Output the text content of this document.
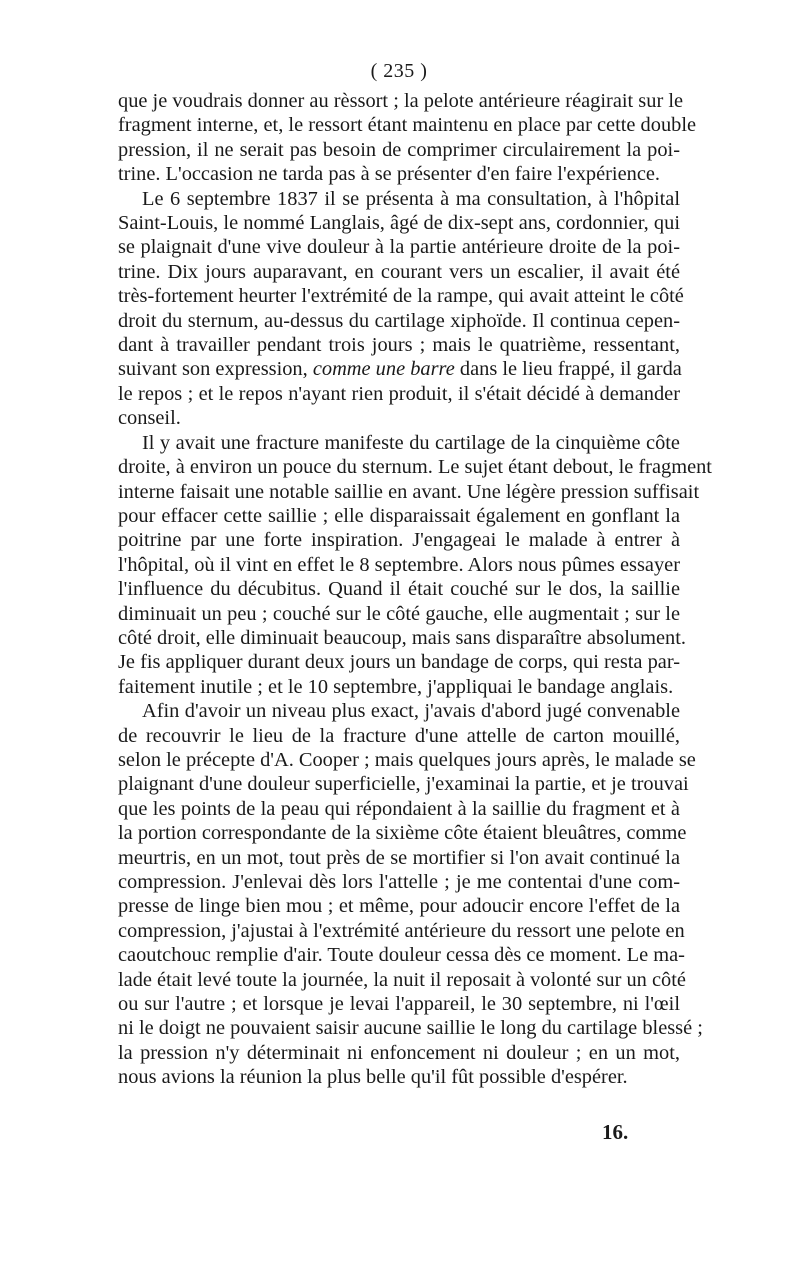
( 235 )

que je voudrais donner au rèssort ; la pelote antérieure réagirait sur le
fragment interne, et, le ressort étant maintenu en place par cette double
pression, il ne serait pas besoin de comprimer circulairement la poi-
trine. L'occasion ne tarda pas à se présenter d'en faire l'expérience.

Le 6 septembre 1837 il se présenta à ma consultation, à l'hôpital
Saint-Louis, le nommé Langlais, âgé de dix-sept ans, cordonnier, qui
se plaignait d'une vive douleur à la partie antérieure droite de la poi-
trine. Dix jours auparavant, en courant vers un escalier, il avait été
très-fortement heurter l'extrémité de la rampe, qui avait atteint le côté
droit du sternum, au-dessus du cartilage xiphoïde. Il continua cepen-
dant à travailler pendant trois jours ; mais le quatrième, ressentant,
suivant son expression, comme une barre dans le lieu frappé, il garda
le repos ; et le repos n'ayant rien produit, il s'était décidé à demander
conseil.

Il y avait une fracture manifeste du cartilage de la cinquième côte
droite, à environ un pouce du sternum. Le sujet étant debout, le fragment
interne faisait une notable saillie en avant. Une légère pression suffisait
pour effacer cette saillie ; elle disparaissait également en gonflant la
poitrine par une forte inspiration. J'engageai le malade à entrer à
l'hôpital, où il vint en effet le 8 septembre. Alors nous pûmes essayer
l'influence du décubitus. Quand il était couché sur le dos, la saillie
diminuait un peu ; couché sur le côté gauche, elle augmentait ; sur le
côté droit, elle diminuait beaucoup, mais sans disparaître absolument.
Je fis appliquer durant deux jours un bandage de corps, qui resta par-
faitement inutile ; et le 10 septembre, j'appliquai le bandage anglais.

Afin d'avoir un niveau plus exact, j'avais d'abord jugé convenable
de recouvrir le lieu de la fracture d'une attelle de carton mouillé,
selon le précepte d'A. Cooper ; mais quelques jours après, le malade se
plaignant d'une douleur superficielle, j'examinai la partie, et je trouvai
que les points de la peau qui répondaient à la saillie du fragment et à
la portion correspondante de la sixième côte étaient bleuâtres, comme
meurtris, en un mot, tout près de se mortifier si l'on avait continué la
compression. J'enlevai dès lors l'attelle ; je me contentai d'une com-
presse de linge bien mou ; et même, pour adoucir encore l'effet de la
compression, j'ajustai à l'extrémité antérieure du ressort une pelote en
caoutchouc remplie d'air. Toute douleur cessa dès ce moment. Le ma-
lade était levé toute la journée, la nuit il reposait à volonté sur un côté
ou sur l'autre ; et lorsque je levai l'appareil, le 30 septembre, ni l'œil
ni le doigt ne pouvaient saisir aucune saillie le long du cartilage blessé ;
la pression n'y déterminait ni enfoncement ni douleur ; en un mot,
nous avions la réunion la plus belle qu'il fût possible d'espérer.

16.
